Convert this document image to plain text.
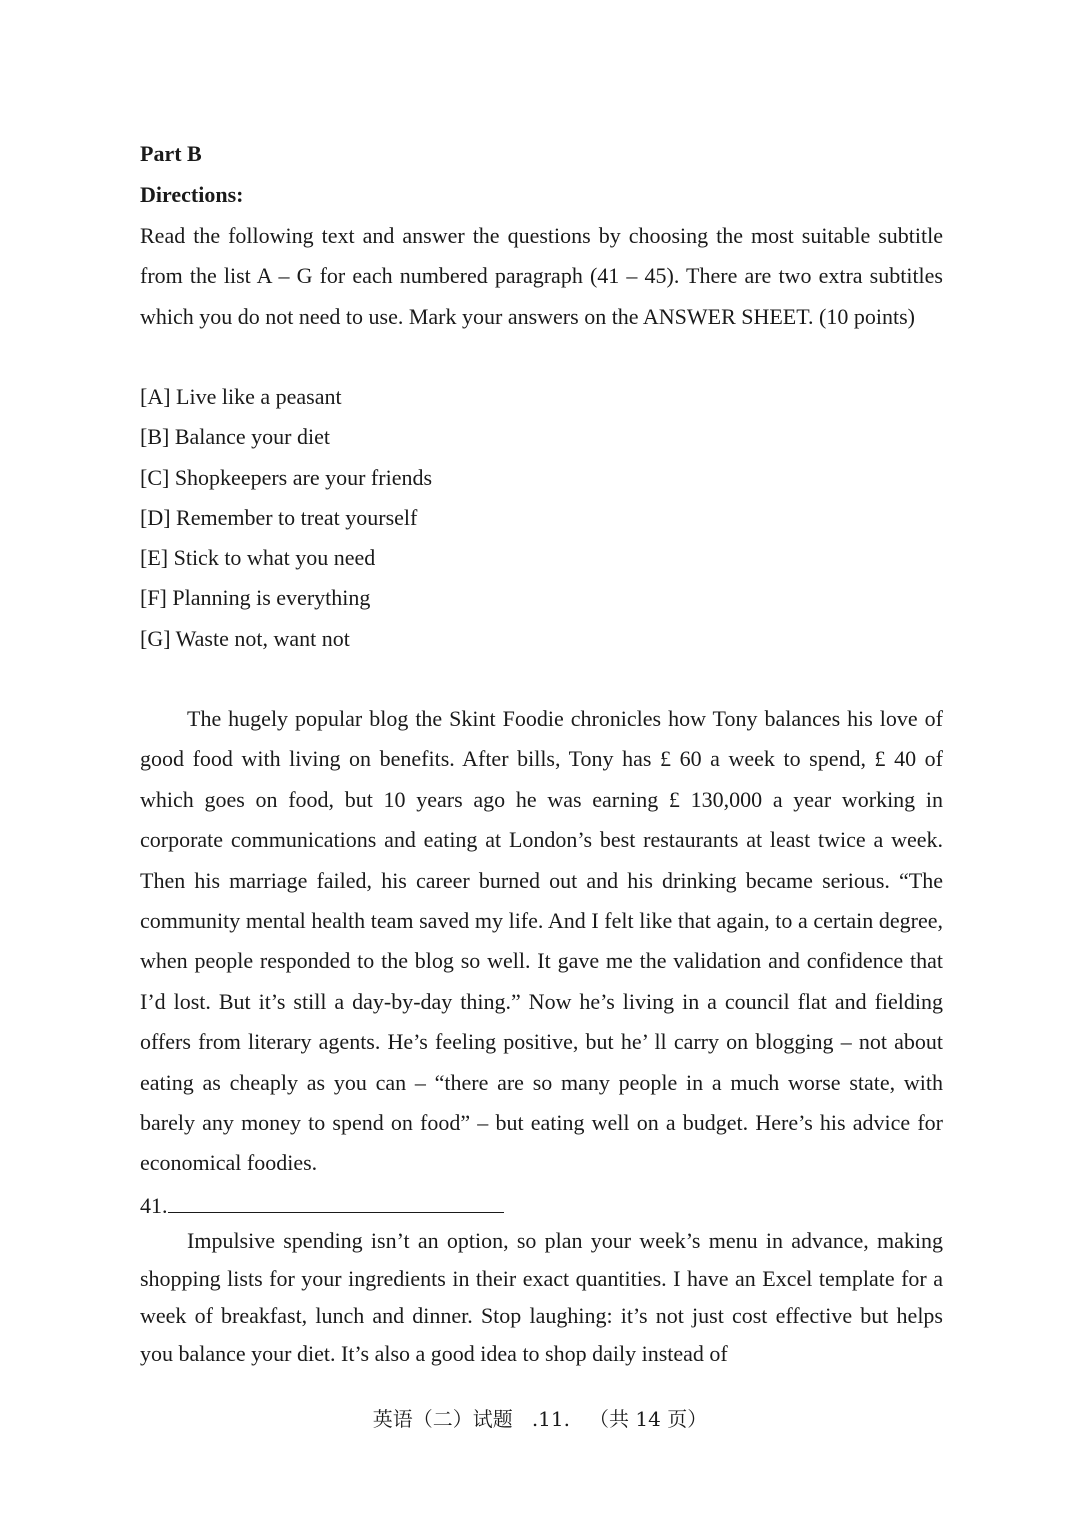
Part B
Directions:

Read the following text and answer the questions by choosing the most suitable subtitle from the list A – G for each numbered paragraph (41 – 45). There are two extra subtitles which you do not need to use. Mark your answers on the ANSWER SHEET. (10 points)

[A] Live like a peasant
[B] Balance your diet
[C] Shopkeepers are your friends
[D] Remember to treat yourself
[E] Stick to what you need
[F] Planning is everything
[G] Waste not, want not

The hugely popular blog the Skint Foodie chronicles how Tony balances his love of good food with living on benefits. After bills, Tony has £ 60 a week to spend, £ 40 of which goes on food, but 10 years ago he was earning £ 130,000 a year working in corporate communications and eating at London’s best restaurants at least twice a week. Then his marriage failed, his career burned out and his drinking became serious. “The community mental health team saved my life. And I felt like that again, to a certain degree, when people responded to the blog so well. It gave me the validation and confidence that I’d lost. But it’s still a day-by-day thing.” Now he’s living in a council flat and fielding offers from literary agents. He’s feeling positive, but he’ ll carry on blogging – not about eating as cheaply as you can – “there are so many people in a much worse state, with barely any money to spend on food” – but eating well on a budget. Here’s his advice for economical foodies.

41.

Impulsive spending isn’t an option, so plan your week’s menu in advance, making shopping lists for your ingredients in their exact quantities. I have an Excel template for a week of breakfast, lunch and dinner. Stop laughing: it’s not just cost effective but helps you balance your diet. It’s also a good idea to shop daily instead of

英语（二）试题   .11.   （共 14 页）
